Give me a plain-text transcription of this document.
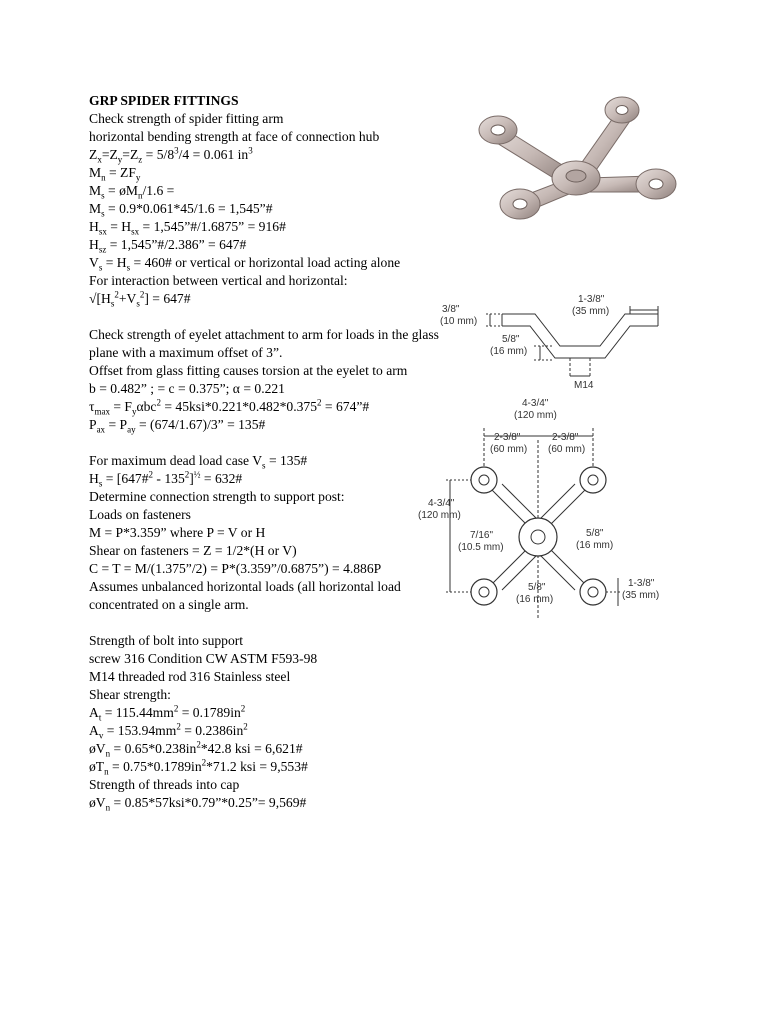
GRP SPIDER FITTINGS
Check strength of spider fitting arm
horizontal bending strength at face of connection hub
$Z_x=Z_y=Z_z = 5/8^3/4 = 0.061$ $in^3$
$M_n = ZF_y$
$M_s$ = $øM_n/1.6$ =
$M_s = 0.9*0.061*45/1.6$ = 1,545”#
$H_{sx} = H_{sx}$ = 1,545”#/1.6875” = 916#
$H_{sz}$ = 1,545”#/2.386” = 647#
$V_s = H_s$ = 460# or vertical or horizontal load acting alone
For interaction between vertical and horizontal:
$√[H_s^2+V_s^2]$ = 647#
Check strength of eyelet attachment to arm for loads in the glass plane with a maximum offset of 3”.
Offset from glass fitting causes torsion at the eyelet to arm
b = 0.482” ; = c = 0.375”; α = 0.221
$\tau_{max} = F_y\alpha bc^2 = 45ksi*0.221*0.482*0.375^2$ = 674”#
$P_{ax} = P_{ay} = (674/1.67)/3$” = 135#
For maximum dead load case $V_s$ = 135#
$H_s$ = [647#$^2$ - $135^2]^{\frac{1}{2}}$ = 632#
Determine connection strength to support post:
Loads on fasteners
M = P*3.359” where P = V or H
Shear on fasteners = Z = 1/2*(H or V)
C = T = M/(1.375”/2) = P*(3.359”/0.6875”) = 4.886P
Assumes unbalanced horizontal loads (all horizontal load concentrated on a single arm.
Strength of bolt into support
screw 316 Condition CW ASTM F593-98
M14 threaded rod 316 Stainless steel
Shear strength:
$A_t = 115.44mm^2 = 0.1789in^2$
$A_v = 153.94mm^2 = 0.2386in^2$
$øV_n = 0.65*0.238in^2*42.8$ ksi = 6,621#
$øT_n = 0.75*0.1789in^2*71.2$ ksi = 9,553#
Strength of threads into cap
$øV_n$ = 0.85*57ksi*0.79”*0.25”= 9,569#
3/8"
(10 mm)
1-3/8"
(35 mm)
5/8"
(16 mm)
M14
4-3/4"
(120 mm)
2-3/8"
(60 mm)
2-3/8"
(60 mm)
4-3/4"
(120 mm)
7/16"
(10.5 mm)
5/8"
(16 mm)
5/8"
(16 mm)
1-3/8"
(35 mm)
